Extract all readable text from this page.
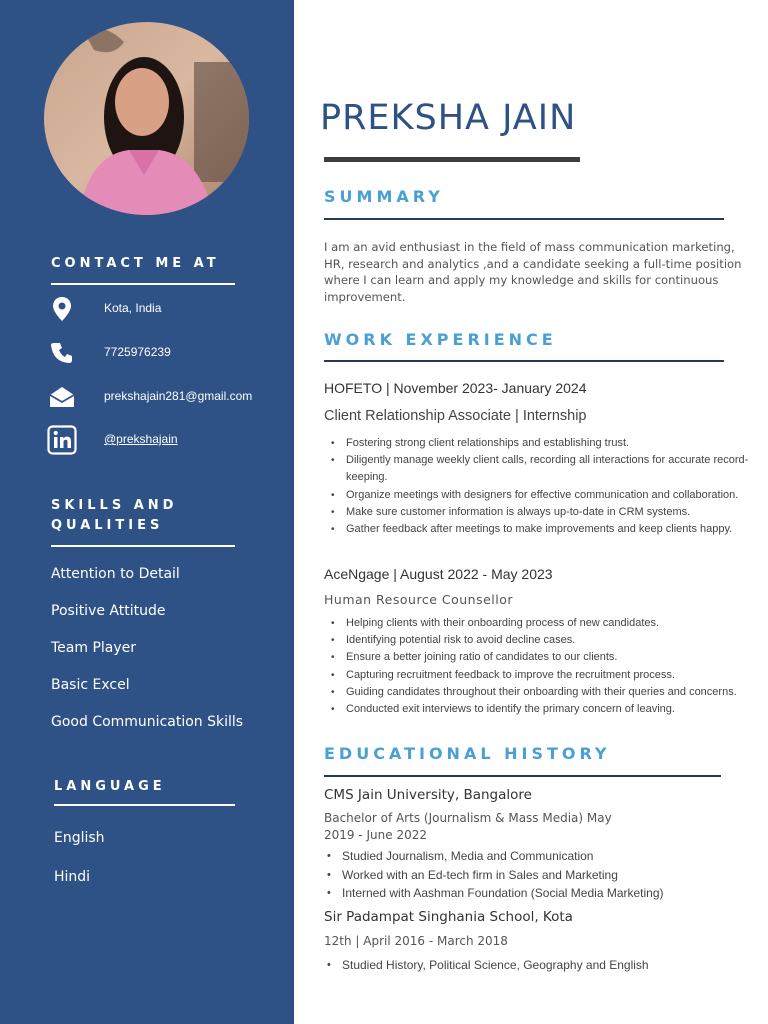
CONTACT ME AT
Kota, India
7725976239
prekshajain281@gmail.com
@prekshajain
SKILLS AND
QUALITIES
Attention to Detail
Positive Attitude
Team Player
Basic Excel
Good Communication Skills
LANGUAGE
English
Hindi
PREKSHA JAIN
SUMMARY
I am an avid enthusiast in the field of mass communication marketing, HR, research and analytics ,and a candidate seeking a full-time position where I can learn and apply my knowledge and skills for continuous improvement.
WORK EXPERIENCE
HOFETO | November 2023- January 2024
Client Relationship Associate | Internship
• Fostering strong client relationships and establishing trust.
• Diligently manage weekly client calls, recording all interactions for accurate record-keeping.
• Organize meetings with designers for effective communication and collaboration.
• Make sure customer information is always up-to-date in CRM systems.
• Gather feedback after meetings to make improvements and keep clients happy.
AceNgage | August 2022 - May 2023
Human Resource Counsellor
• Helping clients with their onboarding process of new candidates.
• Identifying potential risk to avoid decline cases.
• Ensure a better joining ratio of candidates to our clients.
• Capturing recruitment feedback to improve the recruitment process.
• Guiding candidates throughout their onboarding with their queries and concerns.
• Conducted exit interviews to identify the primary concern of leaving.
EDUCATIONAL HISTORY
CMS Jain University, Bangalore
Bachelor of Arts (Journalism & Mass Media) May
2019 - June 2022
• Studied Journalism, Media and Communication
• Worked with an Ed-tech firm in Sales and Marketing
• Interned with Aashman Foundation (Social Media Marketing)
Sir Padampat Singhania School, Kota
12th | April 2016 - March 2018
• Studied History, Political Science, Geography and English
